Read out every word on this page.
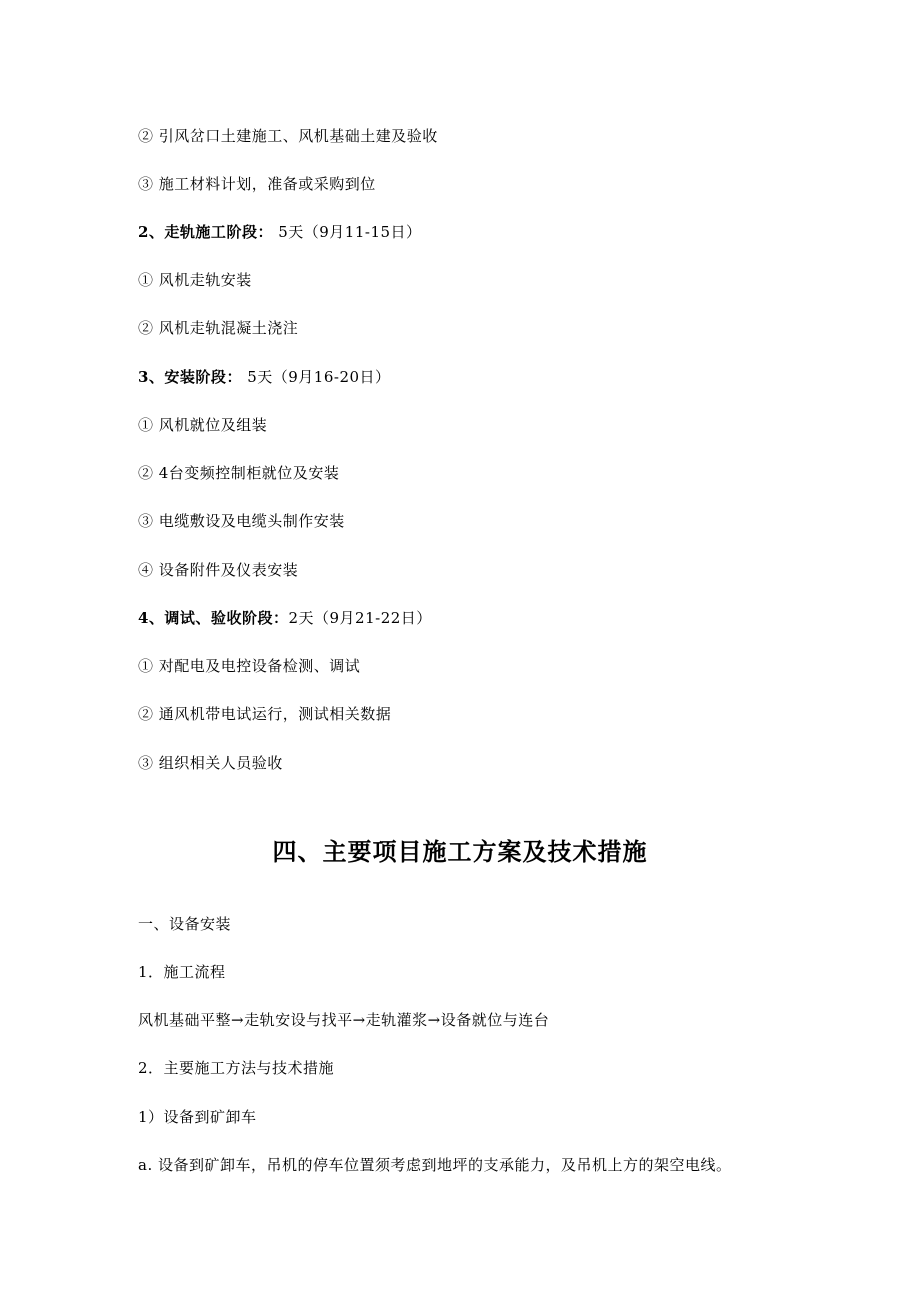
② 引风岔口土建施工、风机基础土建及验收
③ 施工材料计划，准备或采购到位
2、走轨施工阶段： 5天（9月11-15日）
① 风机走轨安装
② 风机走轨混凝土浇注
3、安装阶段： 5天（9月16-20日）
① 风机就位及组装
② 4台变频控制柜就位及安装
③ 电缆敷设及电缆头制作安装
④ 设备附件及仪表安装
4、调试、验收阶段：2天（9月21-22日）
① 对配电及电控设备检测、调试
② 通风机带电试运行，测试相关数据
③ 组织相关人员验收
四、主要项目施工方案及技术措施
一、设备安装
1．施工流程
风机基础平整→走轨安设与找平→走轨灌浆→设备就位与连台
2．主要施工方法与技术措施
1）设备到矿卸车
a. 设备到矿卸车，吊机的停车位置须考虑到地坪的支承能力，及吊机上方的架空电线。
